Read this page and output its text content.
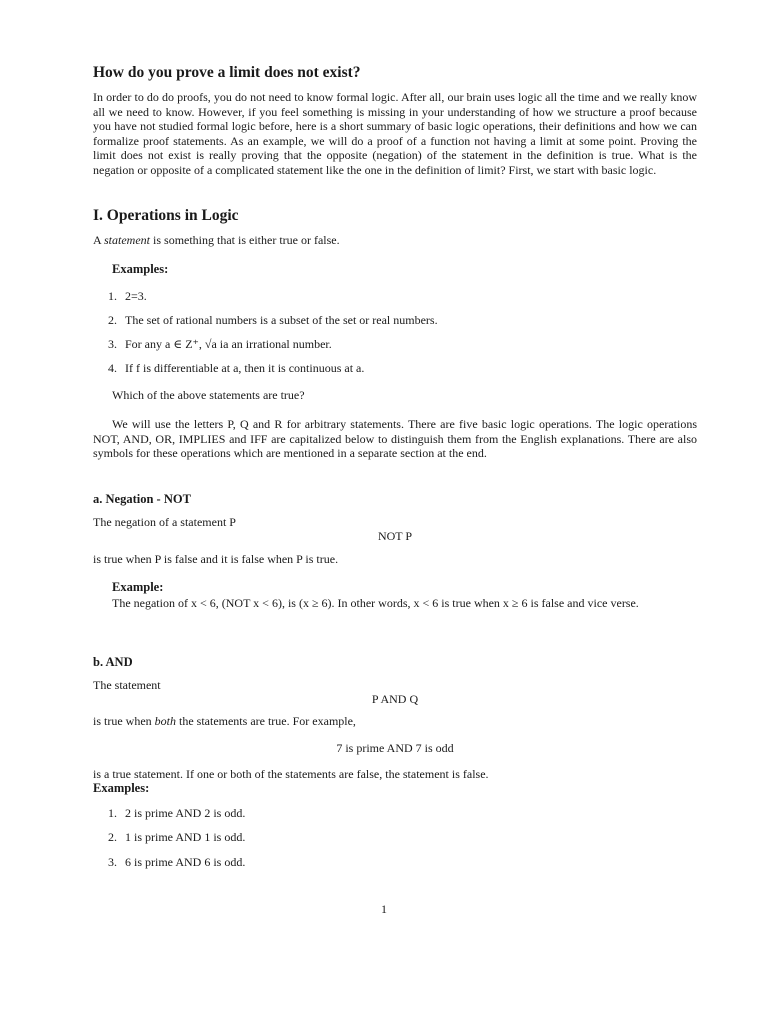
How do you prove a limit does not exist?

In order to do do proofs, you do not need to know formal logic. After all, our brain uses logic all the time and we really know all we need to know. However, if you feel something is missing in your understanding of how we structure a proof because you have not studied formal logic before, here is a short summary of basic logic operations, their definitions and how we can formalize proof statements. As an example, we will do a proof of a function not having a limit at some point. Proving the limit does not exist is really proving that the opposite (negation) of the statement in the definition is true. What is the negation or opposite of a complicated statement like the one in the definition of limit? First, we start with basic logic.

I. Operations in Logic

A statement is something that is either true or false.

Examples:
1. 2=3.
2. The set of rational numbers is a subset of the set or real numbers.
3. For any a ∈ Z⁺, √a ia an irrational number.
4. If f is differentiable at a, then it is continuous at a.

Which of the above statements are true?

We will use the letters P, Q and R for arbitrary statements. There are five basic logic operations. The logic operations NOT, AND, OR, IMPLIES and IFF are capitalized below to distinguish them from the English explanations. There are also symbols for these operations which are mentioned in a separate section at the end.

a. Negation - NOT

The negation of a statement P

NOT P

is true when P is false and it is false when P is true.

Example:

The negation of x < 6, (NOT x < 6), is (x ≥ 6). In other words, x < 6 is true when x ≥ 6 is false and vice verse.

b. AND

The statement

P AND Q

is true when both the statements are true. For example,

7 is prime AND 7 is odd

is a true statement. If one or both of the statements are false, the statement is false.

Examples:
1. 2 is prime AND 2 is odd.
2. 1 is prime AND 1 is odd.
3. 6 is prime AND 6 is odd.
1
